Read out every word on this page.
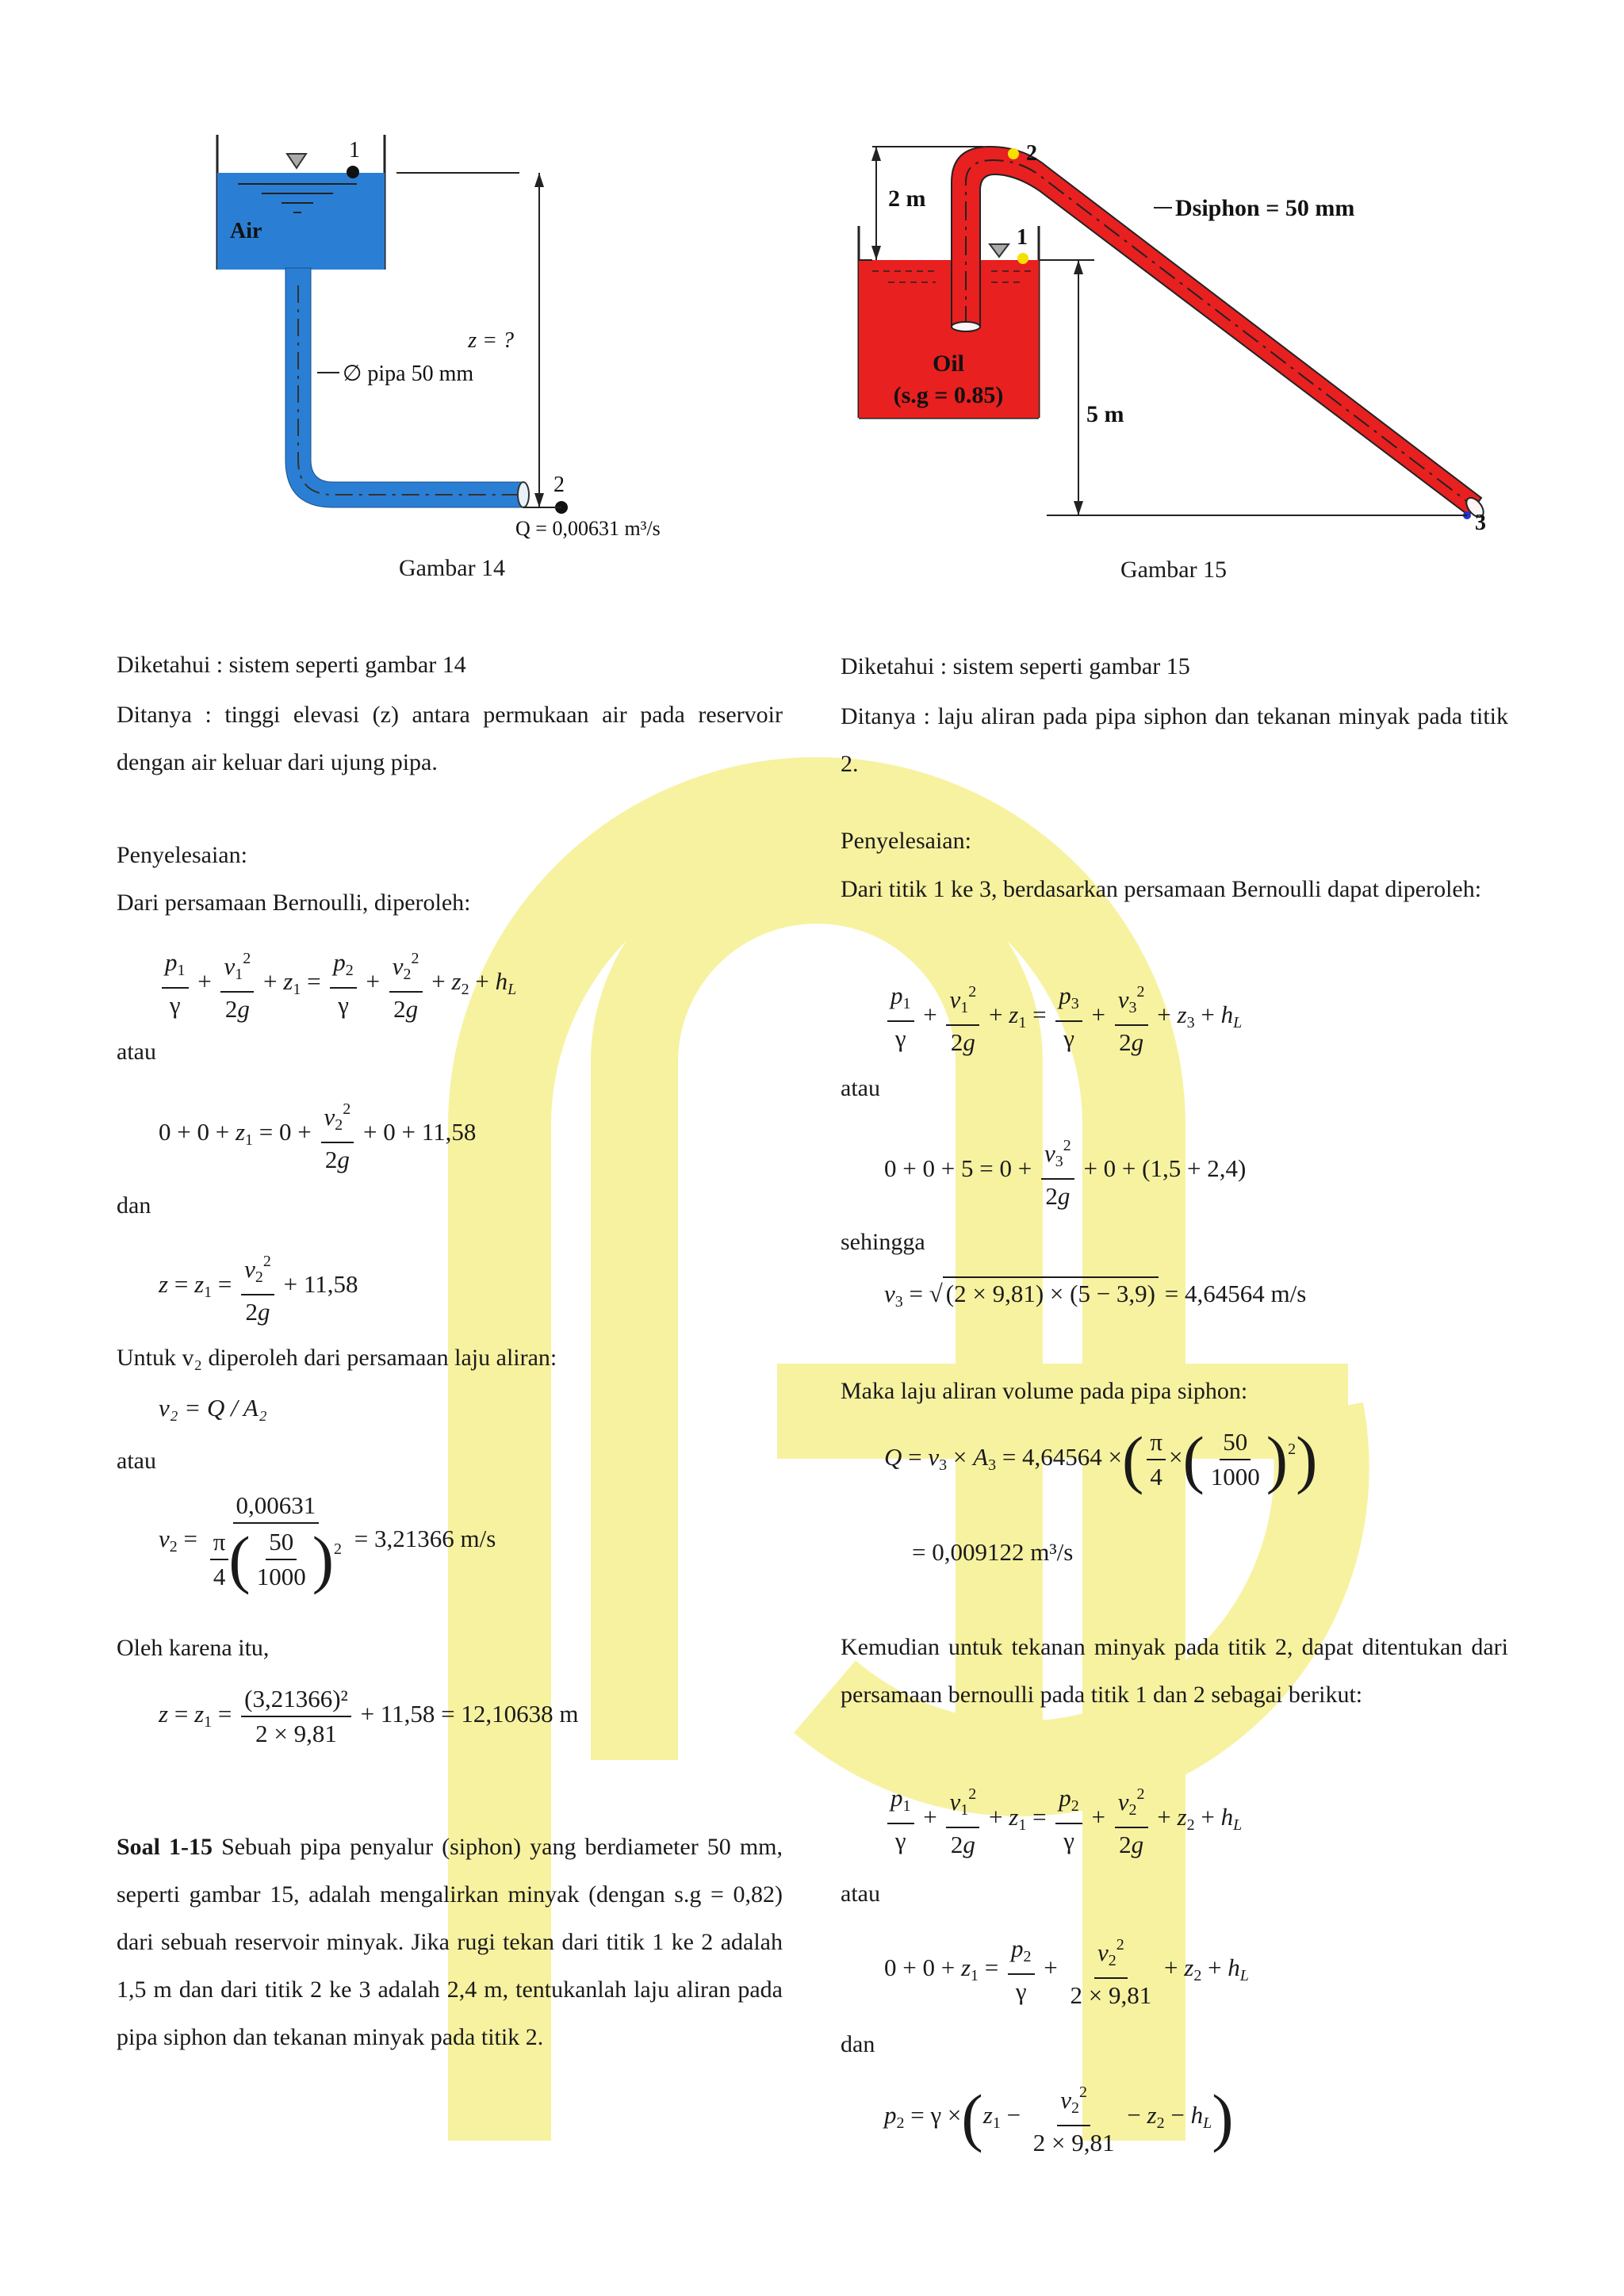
Air
1
2
z = ?
∅ pipa 50 mm
Q = 0,00631 m³/s
Gambar 14
2 m
5 m
Dsiphon = 50 mm
Oil
(s.g = 0.85)
1
2
3
Gambar 15
Diketahui : sistem seperti gambar 14
Ditanya : tinggi elevasi (z) antara permukaan air pada reservoir dengan air keluar dari ujung pipa.
Penyelesaian:
Dari persamaan Bernoulli, diperoleh:
$\frac{p_1}{\gamma} + \frac{v_1^2}{2g} + z_1 = \frac{p_2}{\gamma} + \frac{v_2^2}{2g} + z_2 + h_L$
atau
$0 + 0 + z_1 = 0 + \frac{v_2^2}{2g} + 0 + 11,58$
dan
$z = z_1 = \frac{v_2^2}{2g} + 11,58$
Untuk v₂ diperoleh dari persamaan laju aliran:
v₂ = Q / A₂
atau
$v_2 = \frac{0,00631}{\frac{\pi}{4} ( \frac{50}{1000} )^2} = 3,21366$ m/s
Oleh karena itu,
$z = z_1 = \frac{\text{(3,21366)²}}{2 \times 9,81} + 11,58 = 12,10638$ m
Soal 1-15 Sebuah pipa penyalur (siphon) yang berdiameter 50 mm, seperti gambar 15, adalah mengalirkan minyak (dengan s.g = 0,82) dari sebuah reservoir minyak. Jika rugi tekan dari titik 1 ke 2 adalah 1,5 m dan dari titik 2 ke 3 adalah 2,4 m, tentukanlah laju aliran pada pipa siphon dan tekanan minyak pada titik 2.
Diketahui : sistem seperti gambar 15
Ditanya : laju aliran pada pipa siphon dan tekanan minyak pada titik 2.
Penyelesaian:
Dari titik 1 ke 3, berdasarkan persamaan Bernoulli dapat diperoleh:
$\frac{p_1}{\gamma} + \frac{v_1^2}{2g} + z_1 = \frac{p_3}{\gamma} + \frac{v_3^2}{2g} + z_3 + h_L$
atau
$0 + 0 + 5 = 0 + \frac{v_3^2}{2g} + 0 + (1,5 + 2,4)$
sehingga
$v_3$ = √ (2 × 9,81) × (5 − 3,9) = 4,64564 m/s
Maka laju aliran volume pada pipa siphon:
$Q = v_3 \times A_3 = 4,64564$ ×( $\frac{\pi}{4}$ ×( $\frac{50}{1000} )^2$)
= 0,009122 m³/s
Kemudian untuk tekanan minyak pada titik 2, dapat ditentukan dari persamaan bernoulli pada titik 1 dan 2 sebagai berikut:
$\frac{p_1}{\gamma} + \frac{v_1^2}{2g} + z_1 = \frac{p_2}{\gamma} + \frac{v_2^2}{2g} + z_2 + h_L$
atau
$0 + 0 + z_1 = \frac{p_2}{\gamma} + \frac{v_2^2}{2 \times 9,81} + z_2 + h_L$
dan
$p_2 = \gamma \times(z_1 - \frac{v_2^2}{2 \times 9,81} - z_2 - h_L)$
